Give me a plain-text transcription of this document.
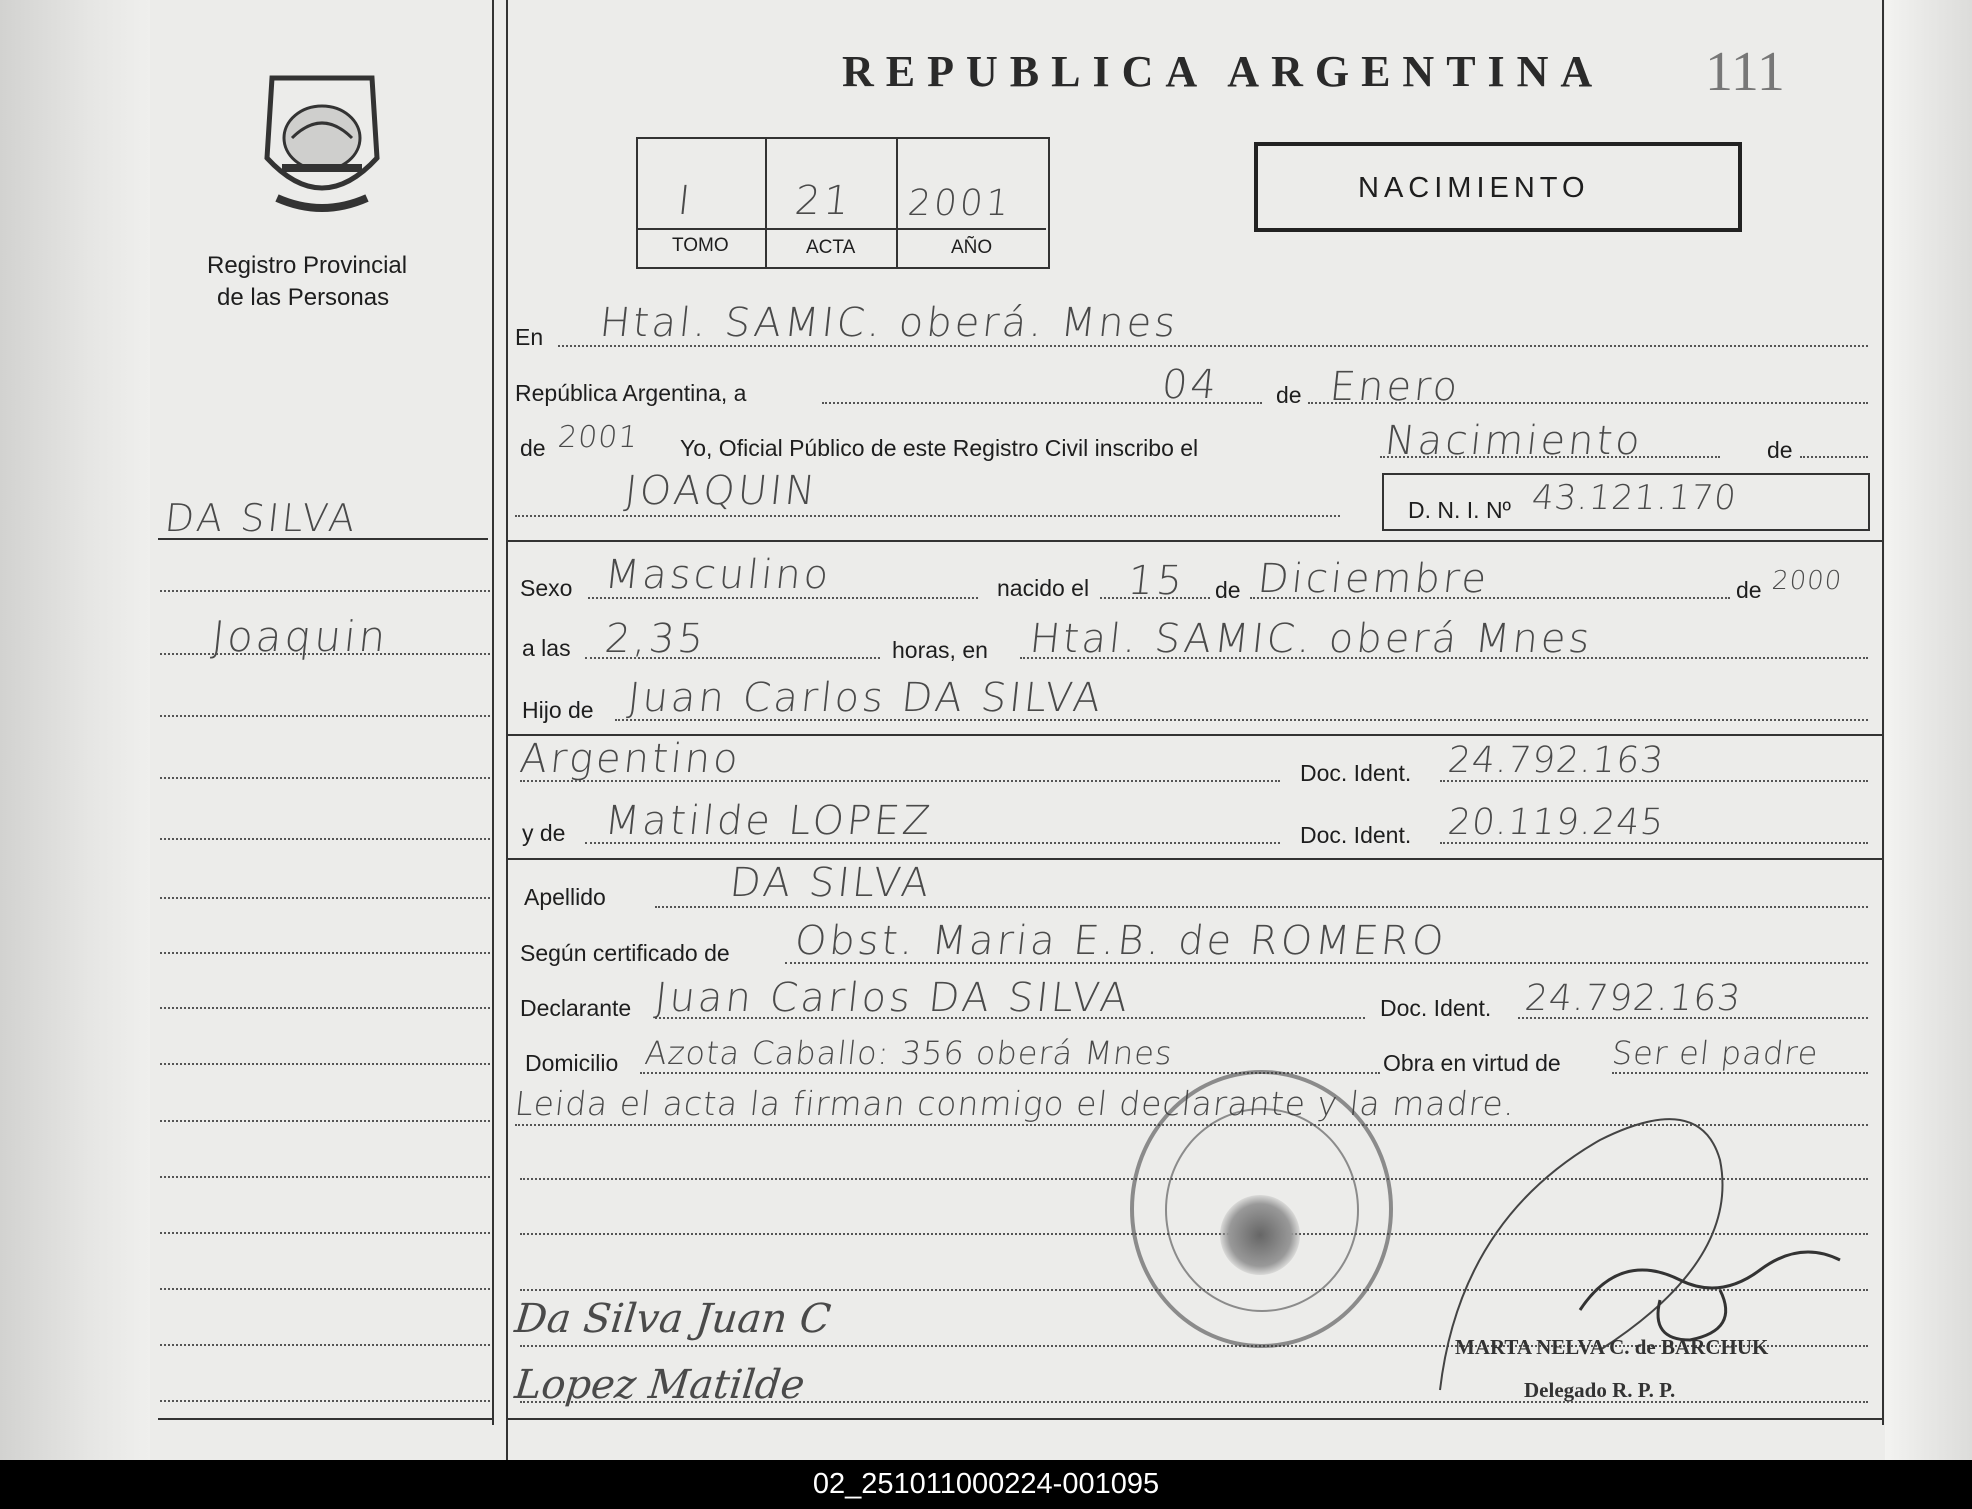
REPUBLICA ARGENTINA 111
Registro Provincial
de las Personas
I 21 2001
TOMO	ACTA	AÑO
NACIMIENTO
DA SILVA
Joaquin
En Htal. SAMIC. oberá. Mnes
República Argentina, a	04 de Enero
de 2001 Yo, Oficial Público de este Registro Civil inscribo el	Nacimiento	de
JOAQUIN	D. N. I. Nº 43.121.170
Sexo Masculino	nacido el 15 de Diciembre	de 2000
a las 2,35	horas, en Htal. SAMIC. oberá Mnes
Hijo de Juan Carlos DA SILVA
Argentino	Doc. Ident. 24.792.163
y de Matilde LOPEZ	Doc. Ident. 20.119.245
Apellido	DA SILVA
Según certificado de Obst. Maria E.B. de ROMERO
Declarante Juan Carlos DA SILVA	Doc. Ident. 24.792.163
Domicilio Azota Caballo: 356 oberá Mnes	Obra en virtud de Ser el padre
Leida el acta la firman conmigo el declarante y la madre.
Da Silva Juan C
Lopez Matilde
MARTA NELVA C. de BARCHUK
Delegado R. P. P.
02_251011000224-001095
